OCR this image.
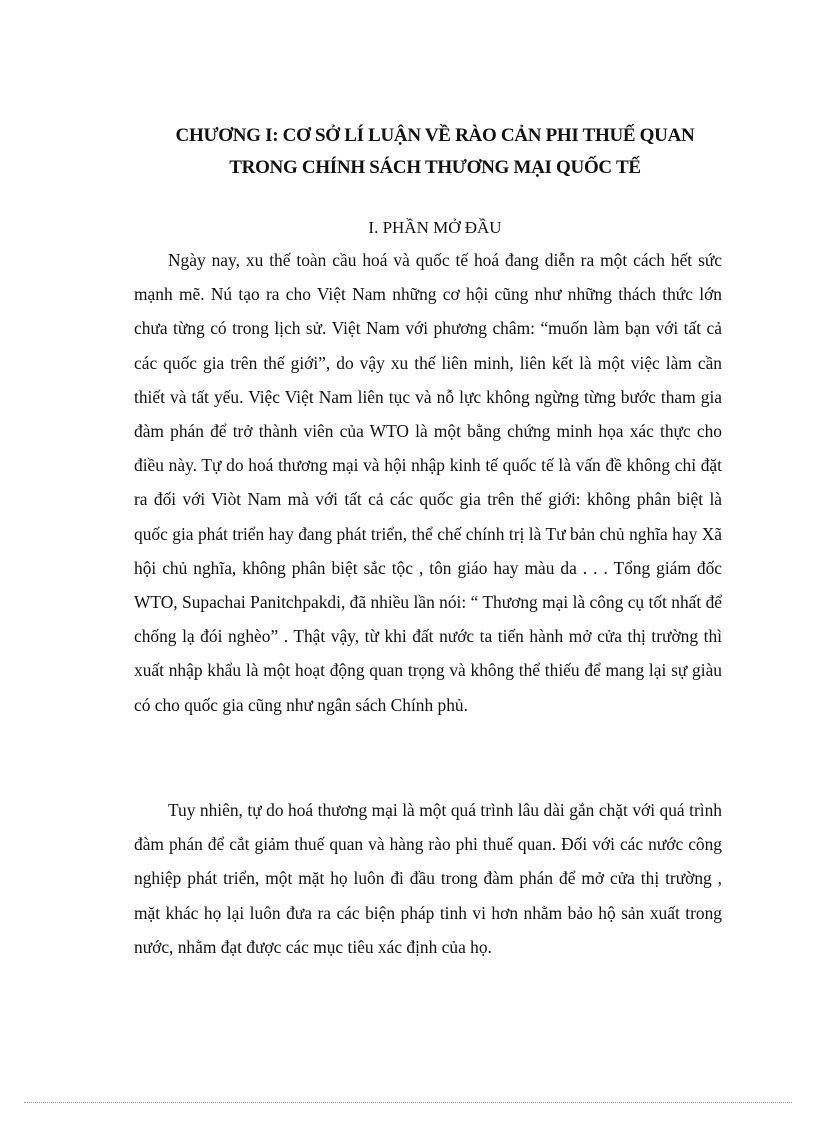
CHƯƠNG I: CƠ SỞ LÍ LUẬN VỀ RÀO CẢN PHI THUẾ QUAN
TRONG CHÍNH SÁCH THƯƠNG MẠI QUỐC TẾ
I. PHẦN MỞ ĐẦU

Ngày nay, xu thế toàn cầu hoá và quốc tế hoá đang diễn ra một cách hết sức mạnh mẽ. Nú tạo ra cho Việt Nam những cơ hội cũng như những thách thức lớn chưa từng có trong lịch sử. Việt Nam với phương châm: “muốn làm bạn với tất cả các quốc gia trên thế giới”, do vậy xu thế liên minh, liên kết là một việc làm cần thiết và tất yếu. Việc Việt Nam liên tục và nỗ lực không ngừng từng bước tham gia đàm phán để trở thành viên của WTO là một bằng chứng minh họa xác thực cho điều này. Tự do hoá thương mại và hội nhập kinh tế quốc tế là vấn đề không chỉ đặt ra đối với Viòt Nam mà với tất cả các quốc gia trên thế giới: không phân biệt là quốc gia phát triển hay đang phát triển, thể chế chính trị là Tư bản chủ nghĩa hay Xã hội chủ nghĩa, không phân biệt sắc tộc , tôn giáo hay màu da . . . Tổng giám đốc WTO, Supachai Panitchpakdi, đã nhiều lần nói: “ Thương mại là công cụ tốt nhất để chống lạ đói nghèo” . Thật vậy, từ khi đất nước ta tiến hành mở cửa thị trường thì xuất nhập khẩu là một hoạt động quan trọng và không thể thiếu để mang lại sự giàu có cho quốc gia cũng như ngân sách Chính phủ.

Tuy nhiên, tự do hoá thương mại là một quá trình lâu dài gắn chặt với quá trình đàm phán để cắt giảm thuế quan và hàng rào phi thuế quan. Đối với các nước công nghiệp phát triển, một mặt họ luôn đi đầu trong đàm phán để mở cửa thị trường , mặt khác họ lại luôn đưa ra các biện pháp tinh vi hơn nhằm bảo hộ sản xuất trong nước, nhằm đạt được các mục tiêu xác định của họ.
